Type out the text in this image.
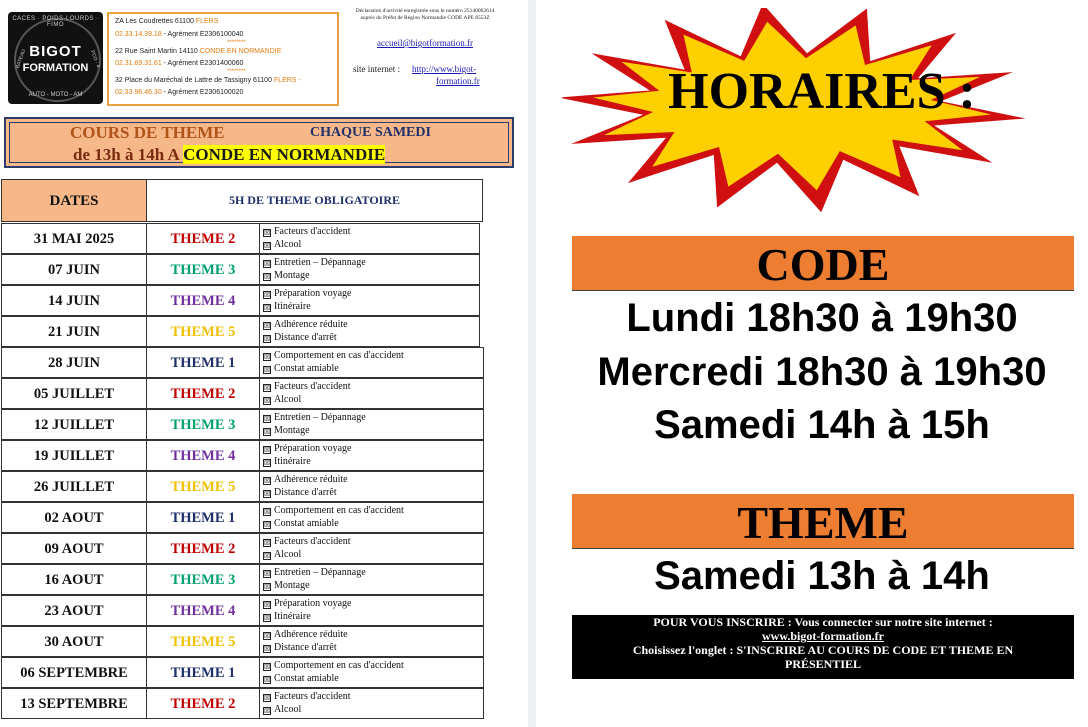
CACES · POIDS-LOURDS · FIMO
BATEAU	FCO · 4
BIGOT
FORMATION
AUTO - MOTO - AM
ZA Les Coudrettes 61100 FLERS
02.33.14.39.18 - Agrément E2306100040
********
22 Rue Saint Martin 14110 CONDE EN NORMANDIE
02.31.69.31.61 - Agrément E2301400060
********
32 Place du Maréchal de Lattre de Tassigny 61100 FLERS -
02.33.96.46.30 - Agrément E2306100020
Déclaration d'activité enregistrée sous le numéro 25140062614 auprès du Préfet de Région Normandie CODE APE 8553Z
accueil@bigotformation.fr
site internet : http://www.bigot-
formation.fr
COURS DE THEME	CHAQUE SAMEDI
de 13h à 14h A CONDE EN NORMANDIE
DATES	5H DE THEME OBLIGATOIRE
31 MAI 2025	THEME 2	☒ Facteurs d'accident
☒ Alcool
07 JUIN	THEME 3	☒ Entretien – Dépannage
☒ Montage
14 JUIN	THEME 4	☒ Préparation voyage
☒ Itinéraire
21 JUIN	THEME 5	☒ Adhérence réduite
☒ Distance d'arrêt
28 JUIN	THEME 1	☒ Comportement en cas d'accident
☒ Constat amiable
05 JUILLET	THEME 2	☒ Facteurs d'accident
☒ Alcool
12 JUILLET	THEME 3	☒ Entretien – Dépannage
☒ Montage
19 JUILLET	THEME 4	☒ Préparation voyage
☒ Itinéraire
26 JUILLET	THEME 5	☒ Adhérence réduite
☒ Distance d'arrêt
02 AOUT	THEME 1	☒ Comportement en cas d'accident
☒ Constat amiable
09 AOUT	THEME 2	☒ Facteurs d'accident
☒ Alcool
16 AOUT	THEME 3	☒ Entretien – Dépannage
☒ Montage
23 AOUT	THEME 4	☒ Préparation voyage
☒ Itinéraire
30 AOUT	THEME 5	☒ Adhérence réduite
☒ Distance d'arrêt
06 SEPTEMBRE	THEME 1	☒ Comportement en cas d'accident
☒ Constat amiable
13 SEPTEMBRE	THEME 2	☒ Facteurs d'accident
☒ Alcool
HORAIRES :
CODE
Lundi 18h30 à 19h30
Mercredi 18h30 à 19h30
Samedi 14h à 15h
THEME
Samedi 13h à 14h
POUR VOUS INSCRIRE : Vous connecter sur notre site internet :
www.bigot-formation.fr
Choisissez l'onglet : S'INSCRIRE AU COURS DE CODE ET THEME EN
PRÉSENTIEL
